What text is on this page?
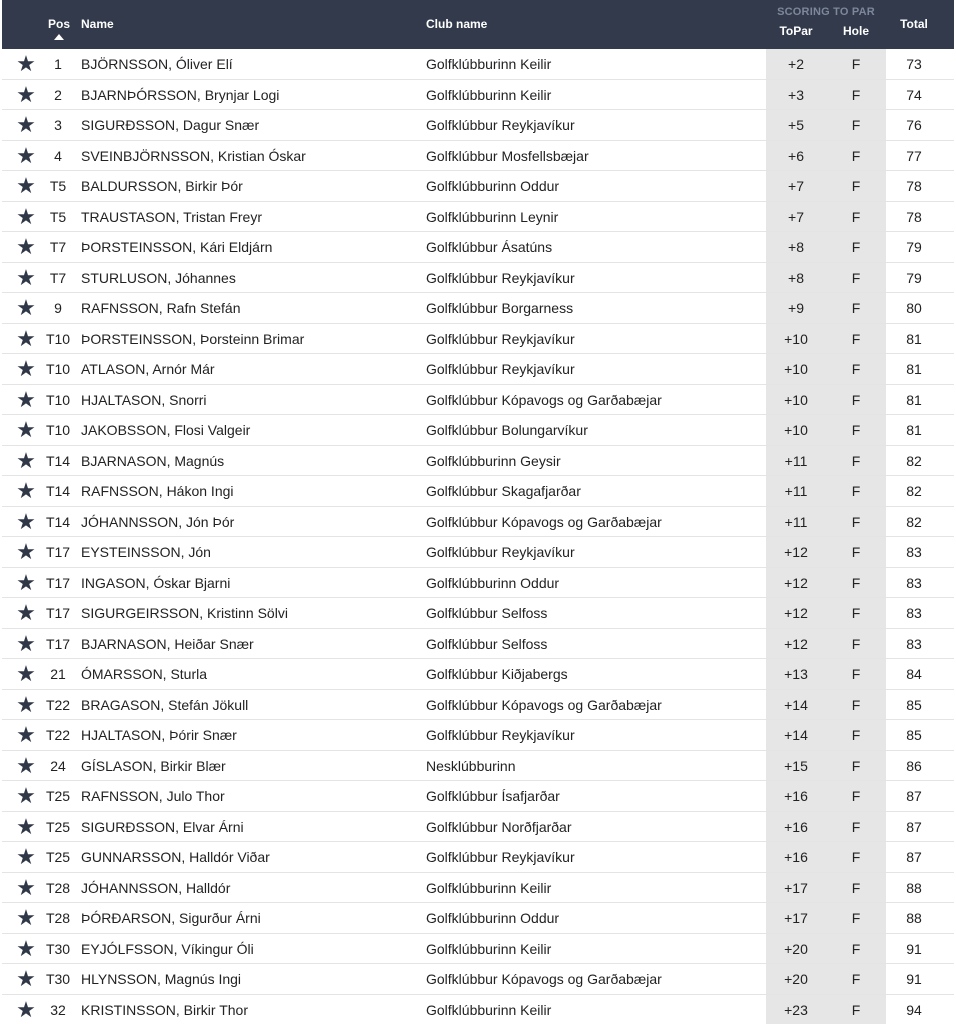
Pos Name	Club name
SCORING TO PAR
ToPar	Hole	Total
★	1	BJÖRNSSON, Óliver Elí	Golfklúbburinn Keilir	+2	F	73
★	2	BJARNÞÓRSSON, Brynjar Logi	Golfklúbburinn Keilir	+3	F	74
★	3	SIGURÐSSON, Dagur Snær	Golfklúbbur Reykjavíkur	+5	F	76
★	4	SVEINBJÖRNSSON, Kristian Óskar	Golfklúbbur Mosfellsbæjar	+6	F	77
★ T5	BALDURSSON, Birkir Þór	Golfklúbburinn Oddur	+7	F	78
★ T5	TRAUSTASON, Tristan Freyr	Golfklúbburinn Leynir	+7	F	78
★ T7	ÞORSTEINSSON, Kári Eldjárn	Golfklúbbur Ásatúns	+8	F	79
★ T7	STURLUSON, Jóhannes	Golfklúbbur Reykjavíkur	+8	F	79
★	9	RAFNSSON, Rafn Stefán	Golfklúbbur Borgarness	+9	F	80
★ T10 ÞORSTEINSSON, Þorsteinn Brimar	Golfklúbbur Reykjavíkur	+10	F	81
★ T10 ATLASON, Arnór Már	Golfklúbbur Reykjavíkur	+10	F	81
★ T10 HJALTASON, Snorri	Golfklúbbur Kópavogs og Garðabæjar	+10	F	81
★ T10 JAKOBSSON, Flosi Valgeir	Golfklúbbur Bolungarvíkur	+10	F	81
★ T14 BJARNASON, Magnús	Golfklúbburinn Geysir	+11	F	82
★ T14 RAFNSSON, Hákon Ingi	Golfklúbbur Skagafjarðar	+11	F	82
★ T14 JÓHANNSSON, Jón Þór	Golfklúbbur Kópavogs og Garðabæjar	+11	F	82
★ T17 EYSTEINSSON, Jón	Golfklúbbur Reykjavíkur	+12	F	83
★ T17 INGASON, Óskar Bjarni	Golfklúbburinn Oddur	+12	F	83
★ T17 SIGURGEIRSSON, Kristinn Sölvi	Golfklúbbur Selfoss	+12	F	83
★ T17 BJARNASON, Heiðar Snær	Golfklúbbur Selfoss	+12	F	83
★	21	ÓMARSSON, Sturla	Golfklúbbur Kiðjabergs	+13	F	84
★ T22 BRAGASON, Stefán Jökull	Golfklúbbur Kópavogs og Garðabæjar	+14	F	85
★ T22 HJALTASON, Þórir Snær	Golfklúbbur Reykjavíkur	+14	F	85
★	24	GÍSLASON, Birkir Blær	Nesklúbburinn	+15	F	86
★ T25 RAFNSSON, Julo Thor	Golfklúbbur Ísafjarðar	+16	F	87
★ T25 SIGURÐSSON, Elvar Árni	Golfklúbbur Norðfjarðar	+16	F	87
★ T25 GUNNARSSON, Halldór Viðar	Golfklúbbur Reykjavíkur	+16	F	87
★ T28 JÓHANNSSON, Halldór	Golfklúbburinn Keilir	+17	F	88
★ T28 ÞÓRÐARSON, Sigurður Árni	Golfklúbburinn Oddur	+17	F	88
★ T30 EYJÓLFSSON, Víkingur Óli	Golfklúbburinn Keilir	+20	F	91
★ T30 HLYNSSON, Magnús Ingi	Golfklúbbur Kópavogs og Garðabæjar	+20	F	91
★	32	KRISTINSSON, Birkir Thor	Golfklúbburinn Keilir	+23	F	94
